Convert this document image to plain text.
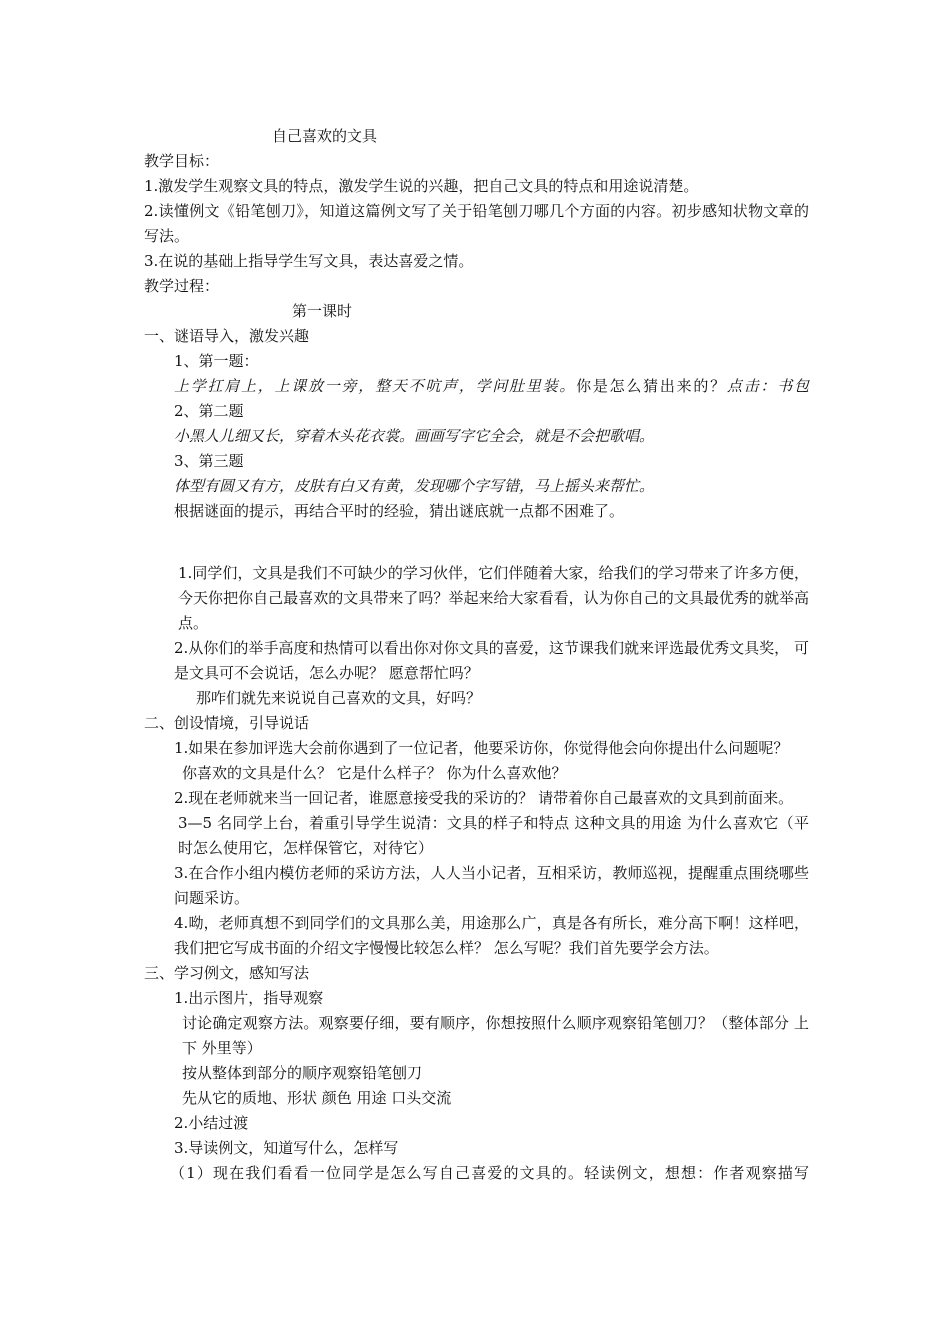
自己喜欢的文具
教学目标：
1.激发学生观察文具的特点，激发学生说的兴趣，把自己文具的特点和用途说清楚。
2.读懂例文《铅笔刨刀》，知道这篇例文写了关于铅笔刨刀哪几个方面的内容。初步感知状物文章的写法。
3.在说的基础上指导学生写文具，表达喜爱之情。
教学过程：
第一课时
一、谜语导入，激发兴趣
1、第一题：
上学扛肩上，上课放一旁，整天不吭声，学问肚里装。你是怎么猜出来的？点击：书包
2、第二题
小黑人儿细又长，穿着木头花衣裳。画画写字它全会，就是不会把歌唱。
3、第三题
体型有圆又有方，皮肤有白又有黄，发现哪个字写错，马上摇头来帮忙。
根据谜面的提示，再结合平时的经验，猜出谜底就一点都不困难了。
1.同学们，文具是我们不可缺少的学习伙伴，它们伴随着大家，给我们的学习带来了许多方便，今天你把你自己最喜欢的文具带来了吗？举起来给大家看看，认为你自己的文具最优秀的就举高点。
2.从你们的举手高度和热情可以看出你对你文具的喜爱，这节课我们就来评选最优秀文具奖， 可是文具可不会说话，怎么办呢？ 愿意帮忙吗？
那咋们就先来说说自己喜欢的文具，好吗？
二、创设情境，引导说话
1.如果在参加评选大会前你遇到了一位记者，他要采访你，你觉得他会向你提出什么问题呢？
你喜欢的文具是什么？ 它是什么样子？ 你为什么喜欢他？
2.现在老师就来当一回记者，谁愿意接受我的采访的？ 请带着你自己最喜欢的文具到前面来。
3—5 名同学上台，着重引导学生说清：文具的样子和特点 这种文具的用途 为什么喜欢它（平时怎么使用它，怎样保管它，对待它）
3.在合作小组内模仿老师的采访方法，人人当小记者，互相采访，教师巡视，提醒重点围绕哪些问题采访。
4.呦，老师真想不到同学们的文具那么美，用途那么广，真是各有所长，难分高下啊！这样吧，我们把它写成书面的介绍文字慢慢比较怎么样？ 怎么写呢？我们首先要学会方法。
三、学习例文，感知写法
1.出示图片，指导观察
讨论确定观察方法。观察要仔细，要有顺序，你想按照什么顺序观察铅笔刨刀？（整体部分 上下 外里等）
按从整体到部分的顺序观察铅笔刨刀
先从它的质地、形状 颜色 用途 口头交流
2.小结过渡
3.导读例文，知道写什么，怎样写
（1）现在我们看看一位同学是怎么写自己喜爱的文具的。轻读例文，想想：作者观察描写
